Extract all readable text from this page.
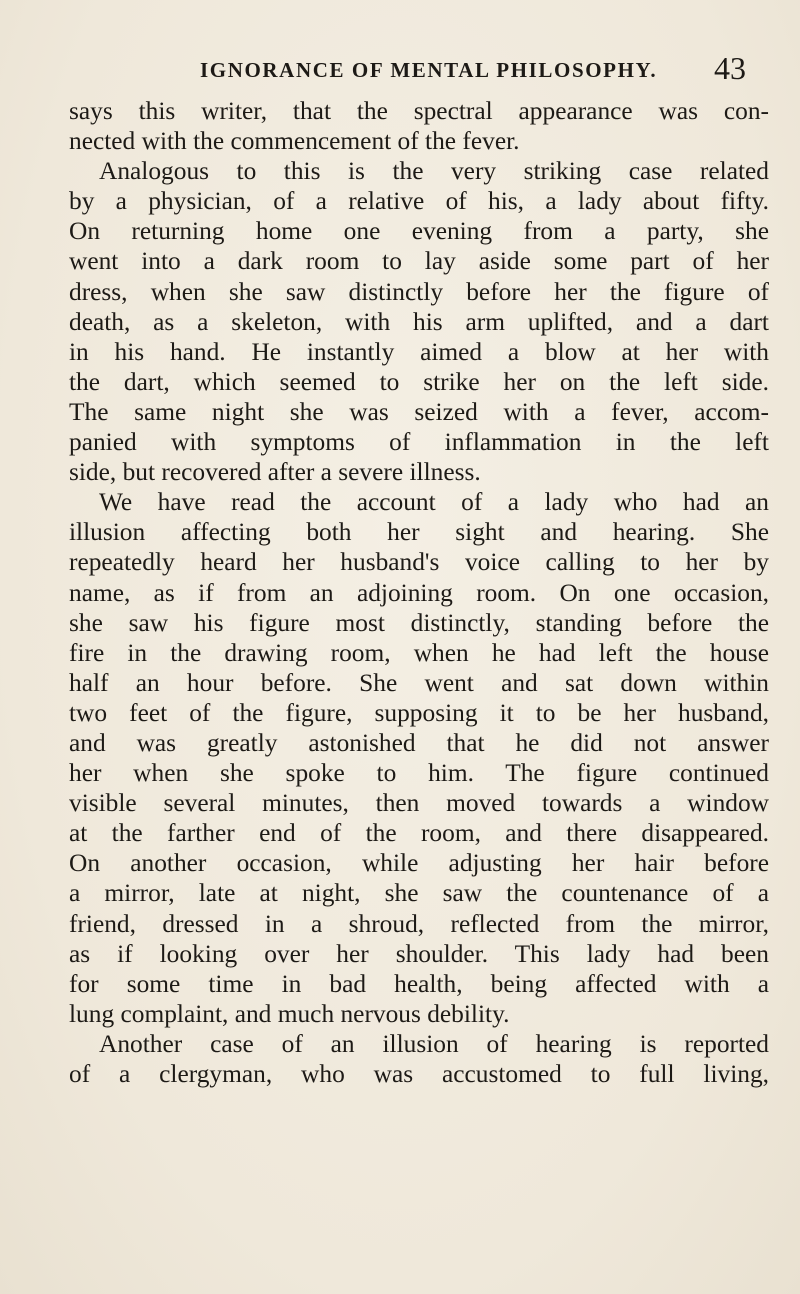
IGNORANCE OF MENTAL PHILOSOPHY. 43
says this writer, that the spectral appearance was con-
nected with the commencement of the fever.
Analogous to this is the very striking case related
by a physician, of a relative of his, a lady about fifty.
On returning home one evening from a party, she
went into a dark room to lay aside some part of her
dress, when she saw distinctly before her the figure of
death, as a skeleton, with his arm uplifted, and a dart
in his hand. He instantly aimed a blow at her with
the dart, which seemed to strike her on the left side.
The same night she was seized with a fever, accom-
panied with symptoms of inflammation in the left
side, but recovered after a severe illness.
We have read the account of a lady who had an
illusion affecting both her sight and hearing. She
repeatedly heard her husband's voice calling to her by
name, as if from an adjoining room. On one occasion,
she saw his figure most distinctly, standing before the
fire in the drawing room, when he had left the house
half an hour before. She went and sat down within
two feet of the figure, supposing it to be her husband,
and was greatly astonished that he did not answer
her when she spoke to him. The figure continued
visible several minutes, then moved towards a window
at the farther end of the room, and there disappeared.
On another occasion, while adjusting her hair before
a mirror, late at night, she saw the countenance of a
friend, dressed in a shroud, reflected from the mirror,
as if looking over her shoulder. This lady had been
for some time in bad health, being affected with a
lung complaint, and much nervous debility.
Another case of an illusion of hearing is reported
of a clergyman, who was accustomed to full living,
